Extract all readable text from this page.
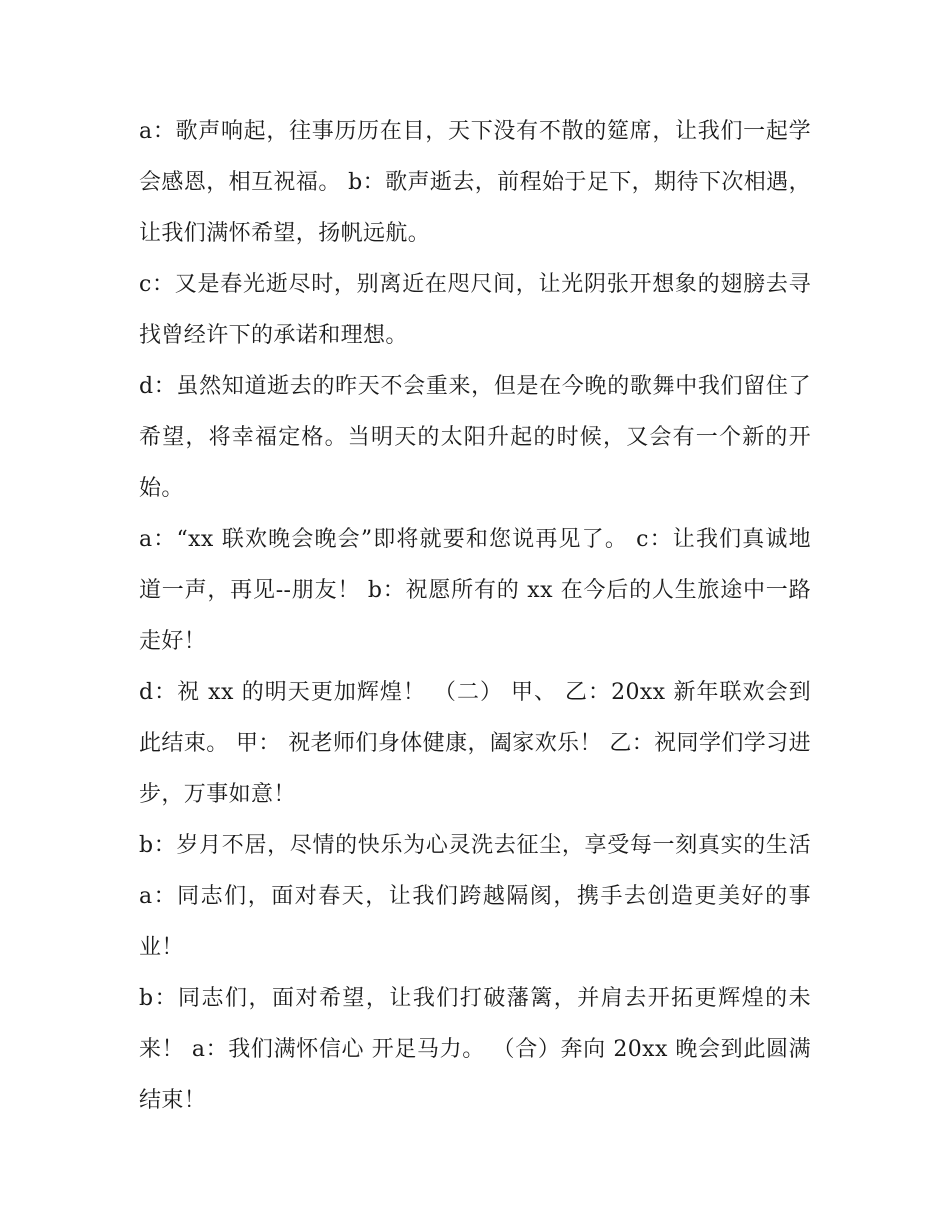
a：歌声响起，往事历历在目，天下没有不散的筵席，让我们一起学会感恩，相互祝福。 b：歌声逝去，前程始于足下，期待下次相遇，让我们满怀希望，扬帆远航。

c：又是春光逝尽时，别离近在咫尺间，让光阴张开想象的翅膀去寻找曾经许下的承诺和理想。

d：虽然知道逝去的昨天不会重来，但是在今晚的歌舞中我们留住了希望，将幸福定格。当明天的太阳升起的时候，又会有一个新的开始。

a：“xx 联欢晚会晚会”即将就要和您说再见了。 c：让我们真诚地道一声，再见--朋友！ b：祝愿所有的 xx 在今后的人生旅途中一路走好！

d：祝 xx 的明天更加辉煌！ （二） 甲、 乙：20xx 新年联欢会到此结束。 甲： 祝老师们身体健康，阖家欢乐！ 乙：祝同学们学习进步，万事如意！

b：岁月不居，尽情的快乐为心灵洗去征尘，享受每一刻真实的生活 a：同志们，面对春天，让我们跨越隔阂，携手去创造更美好的事业！

b：同志们，面对希望，让我们打破藩篱，并肩去开拓更辉煌的未来！ a：我们满怀信心 开足马力。 （合）奔向 20xx 晚会到此圆满结束！
